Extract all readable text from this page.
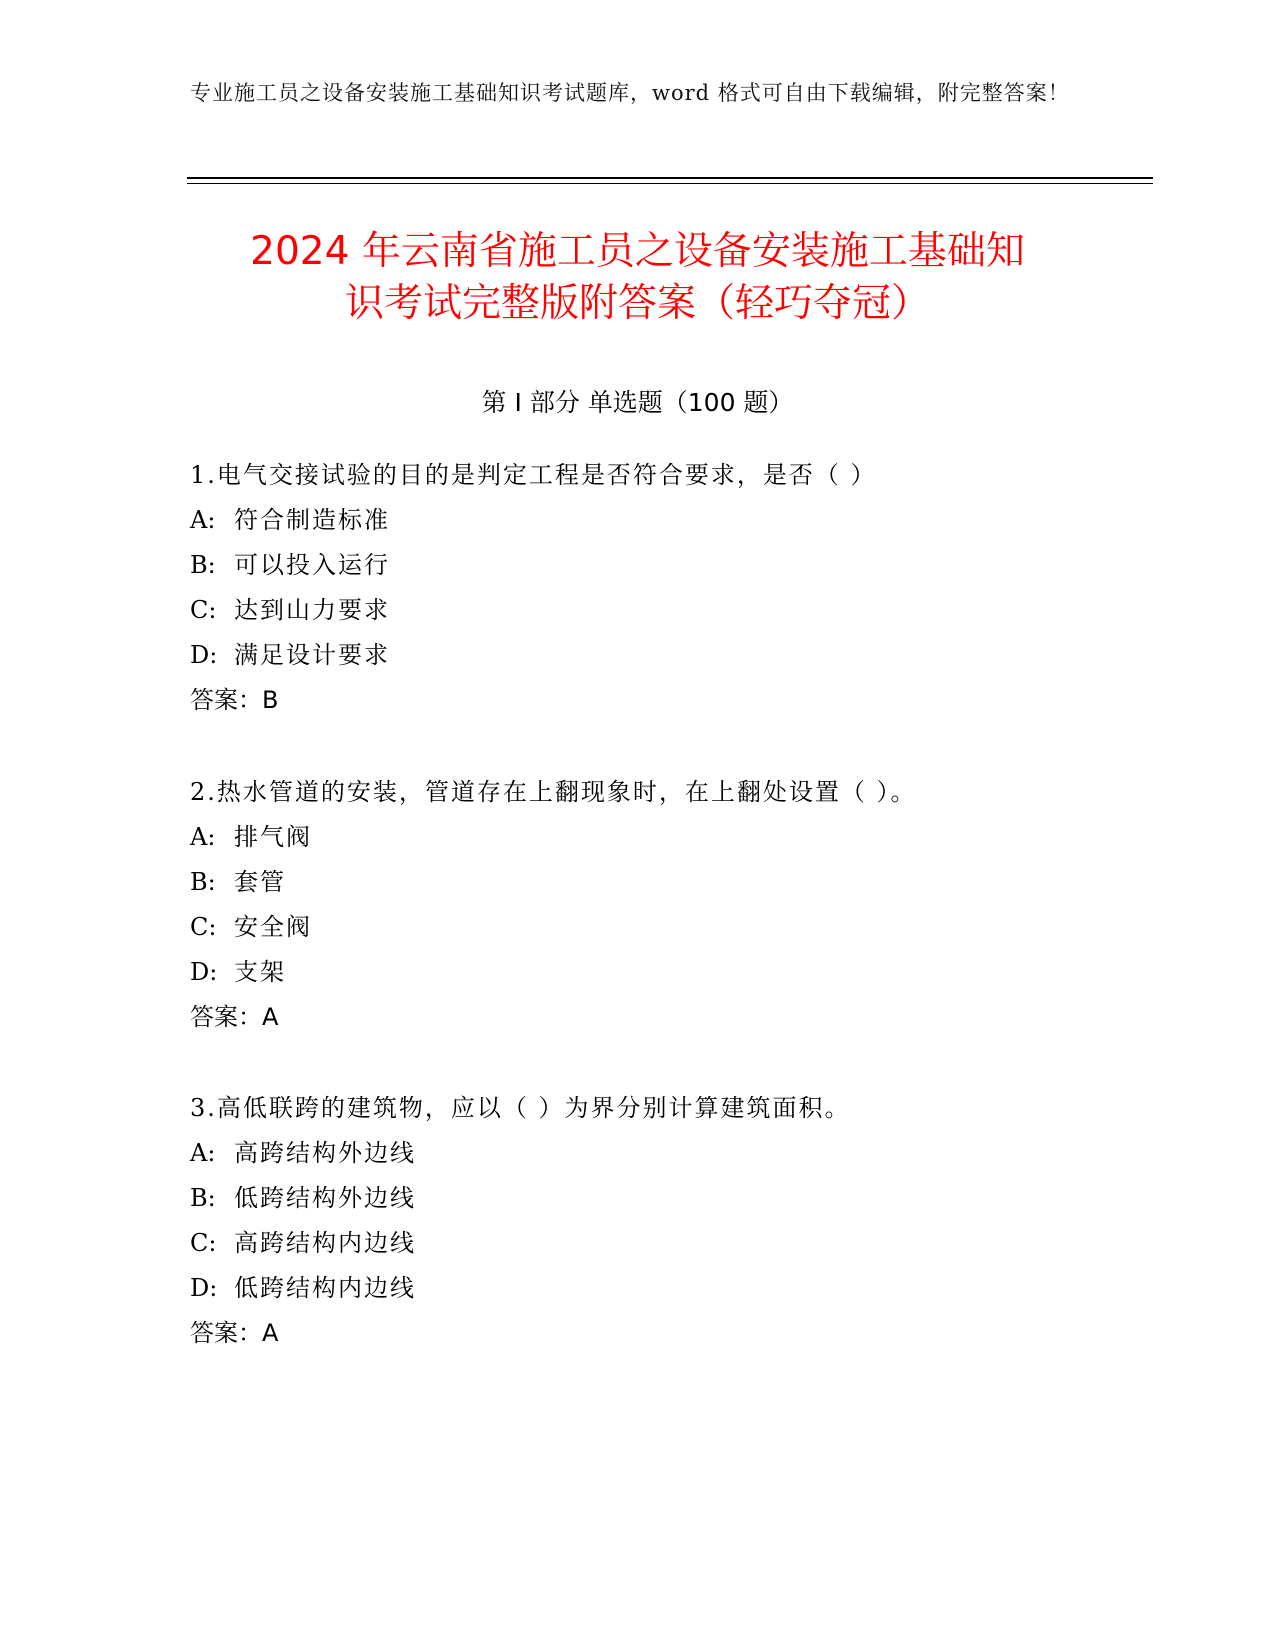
专业施工员之设备安装施工基础知识考试题库，word 格式可自由下载编辑，附完整答案！
2024 年云南省施工员之设备安装施工基础知
识考试完整版附答案（轻巧夺冠）
第 I 部分 单选题（100 题）
1.电气交接试验的目的是判定工程是否符合要求，是否（ ）
A: 符合制造标准
B: 可以投入运行
C: 达到山力要求
D: 满足设计要求
答案：B
2.热水管道的安装，管道存在上翻现象时，在上翻处设置（ ）。
A: 排气阀
B: 套管
C: 安全阀
D: 支架
答案：A
3.高低联跨的建筑物，应以（ ）为界分别计算建筑面积。
A: 高跨结构外边线
B: 低跨结构外边线
C: 高跨结构内边线
D: 低跨结构内边线
答案：A
